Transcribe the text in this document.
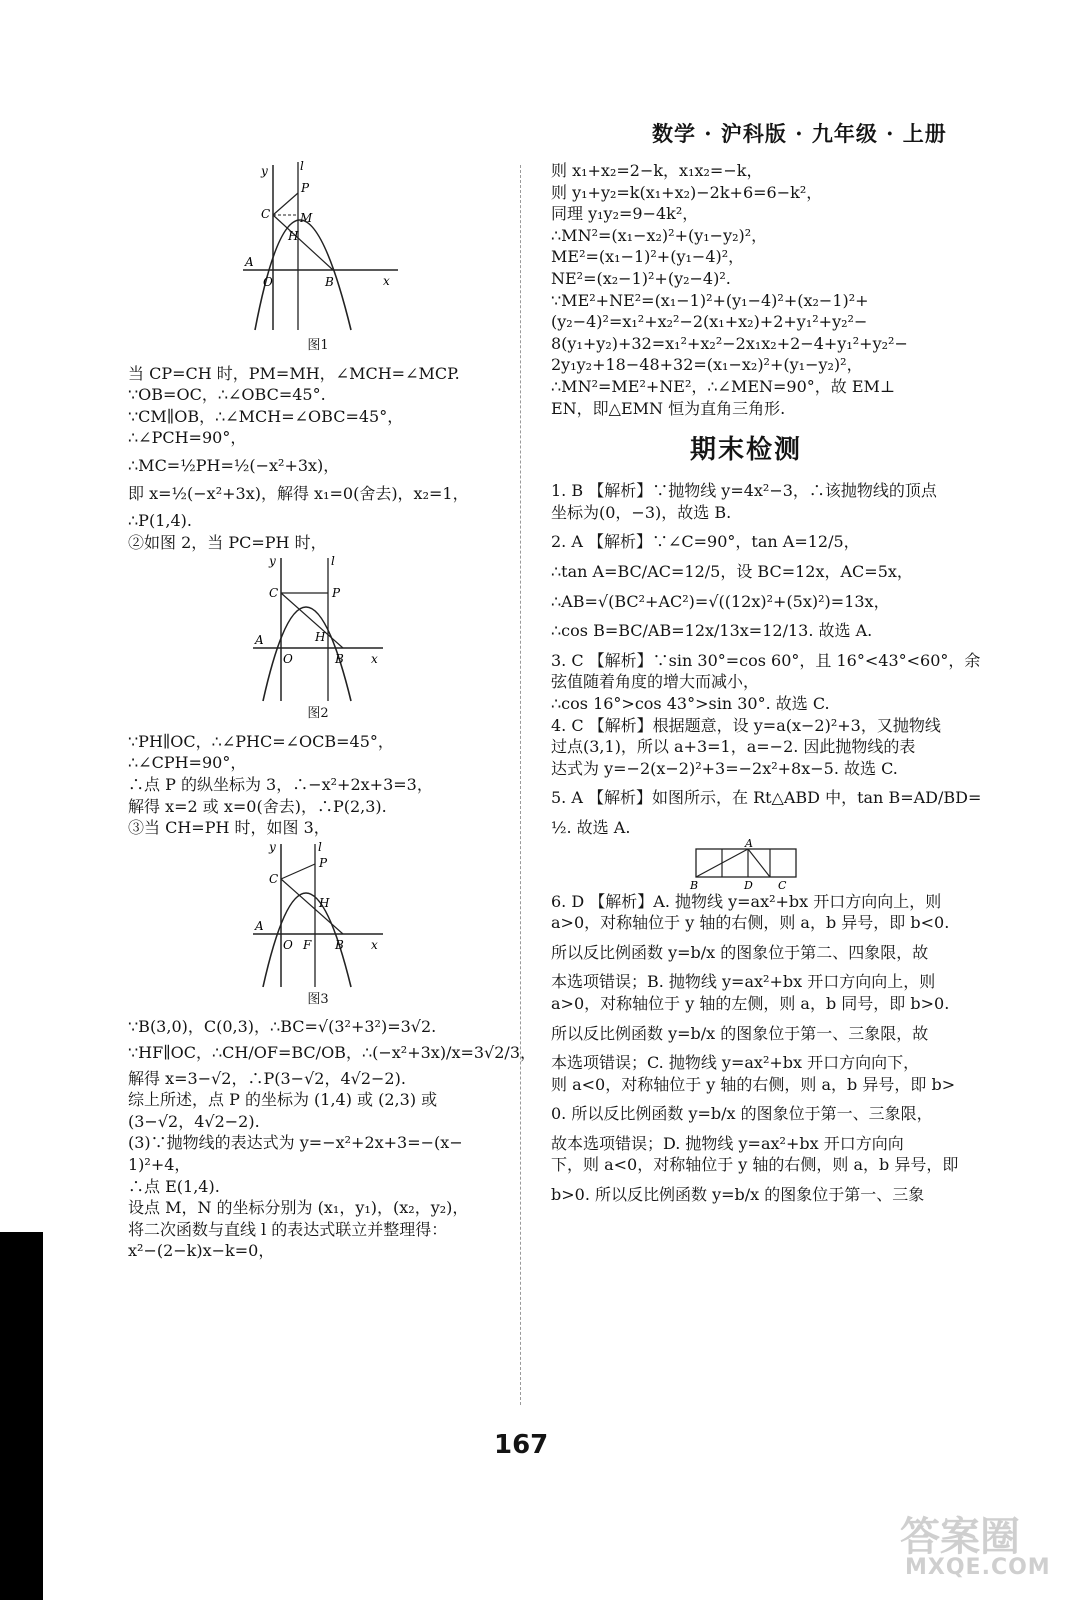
数学 · 沪科版 · 九年级 · 上册
y	l
x
O
A
B
C
P
H
M
图1

当 CP=CH 时，PM=MH，∠MCH=∠MCP.

∵OB=OC，∴∠OBC=45°.

∵CM∥OB，∴∠MCH=∠OBC=45°，

∴∠PCH=90°，

∴MC=½PH=½(−x²+3x)，

即 x=½(−x²+3x)，解得 x₁=0(舍去)，x₂=1，

∴P(1,4).

②如图 2，当 PC=PH 时，

y	l
x
O
A
B
C	P
H
图2

∵PH∥OC，∴∠PHC=∠OCB=45°，

∴∠CPH=90°，

∴点 P 的纵坐标为 3，∴−x²+2x+3=3，

解得 x=2 或 x=0(舍去)，∴P(2,3).

③当 CH=PH 时，如图 3，

y	l
x
O
A
B
F
C
P
H
图3

∵B(3,0)，C(0,3)，∴BC=√(3²+3²)=3√2.

∵HF∥OC，∴CH/OF=BC/OB，∴(−x²+3x)/x=3√2/3，

解得 x=3−√2，∴P(3−√2，4√2−2).

综上所述，点 P 的坐标为 (1,4) 或 (2,3) 或

(3−√2，4√2−2).

(3)∵抛物线的表达式为 y=−x²+2x+3=−(x−

1)²+4，

∴点 E(1,4).

设点 M，N 的坐标分别为 (x₁，y₁)，(x₂，y₂)，

将二次函数与直线 l 的表达式联立并整理得：

x²−(2−k)x−k=0，

则 x₁+x₂=2−k，x₁x₂=−k，

则 y₁+y₂=k(x₁+x₂)−2k+6=6−k²，

同理 y₁y₂=9−4k²，

∴MN²=(x₁−x₂)²+(y₁−y₂)²，

ME²=(x₁−1)²+(y₁−4)²，

NE²=(x₂−1)²+(y₂−4)².

∵ME²+NE²=(x₁−1)²+(y₁−4)²+(x₂−1)²+

(y₂−4)²=x₁²+x₂²−2(x₁+x₂)+2+y₁²+y₂²−

8(y₁+y₂)+32=x₁²+x₂²−2x₁x₂+2−4+y₁²+y₂²−

2y₁y₂+18−48+32=(x₁−x₂)²+(y₁−y₂)²，

∴MN²=ME²+NE²，∴∠MEN=90°，故 EM⊥

EN，即△EMN 恒为直角三角形.

期末检测

1. B 【解析】∵抛物线 y=4x²−3，∴该抛物线的顶点

坐标为(0，−3)，故选 B.

2. A 【解析】∵∠C=90°，tan A=12/5，

∴tan A=BC/AC=12/5，设 BC=12x，AC=5x，

∴AB=√(BC²+AC²)=√((12x)²+(5x)²)=13x，

∴cos B=BC/AB=12x/13x=12/13. 故选 A.

3. C 【解析】∵sin 30°=cos 60°，且 16°<43°<60°，余

弦值随着角度的增大而减小，

∴cos 16°>cos 43°>sin 30°. 故选 C.

4. C 【解析】根据题意，设 y=a(x−2)²+3，又抛物线

过点(3,1)，所以 a+3=1，a=−2. 因此抛物线的表

达式为 y=−2(x−2)²+3=−2x²+8x−5. 故选 C.

5. A 【解析】如图所示，在 Rt△ABD 中，tan B=AD/BD=

½. 故选 A.

A
B	D C

6. D 【解析】A. 抛物线 y=ax²+bx 开口方向向上，则

a>0，对称轴位于 y 轴的右侧，则 a，b 异号，即 b<0.

所以反比例函数 y=b/x 的图象位于第二、四象限，故

本选项错误；B. 抛物线 y=ax²+bx 开口方向向上，则

a>0，对称轴位于 y 轴的左侧，则 a，b 同号，即 b>0.

所以反比例函数 y=b/x 的图象位于第一、三象限，故

本选项错误；C. 抛物线 y=ax²+bx 开口方向向下，

则 a<0，对称轴位于 y 轴的右侧，则 a，b 异号，即 b>

0. 所以反比例函数 y=b/x 的图象位于第一、三象限，

故本选项错误；D. 抛物线 y=ax²+bx 开口方向向

下，则 a<0，对称轴位于 y 轴的右侧，则 a，b 异号，即

b>0. 所以反比例函数 y=b/x 的图象位于第一、三象

167
答案圈
MXQE.COM
